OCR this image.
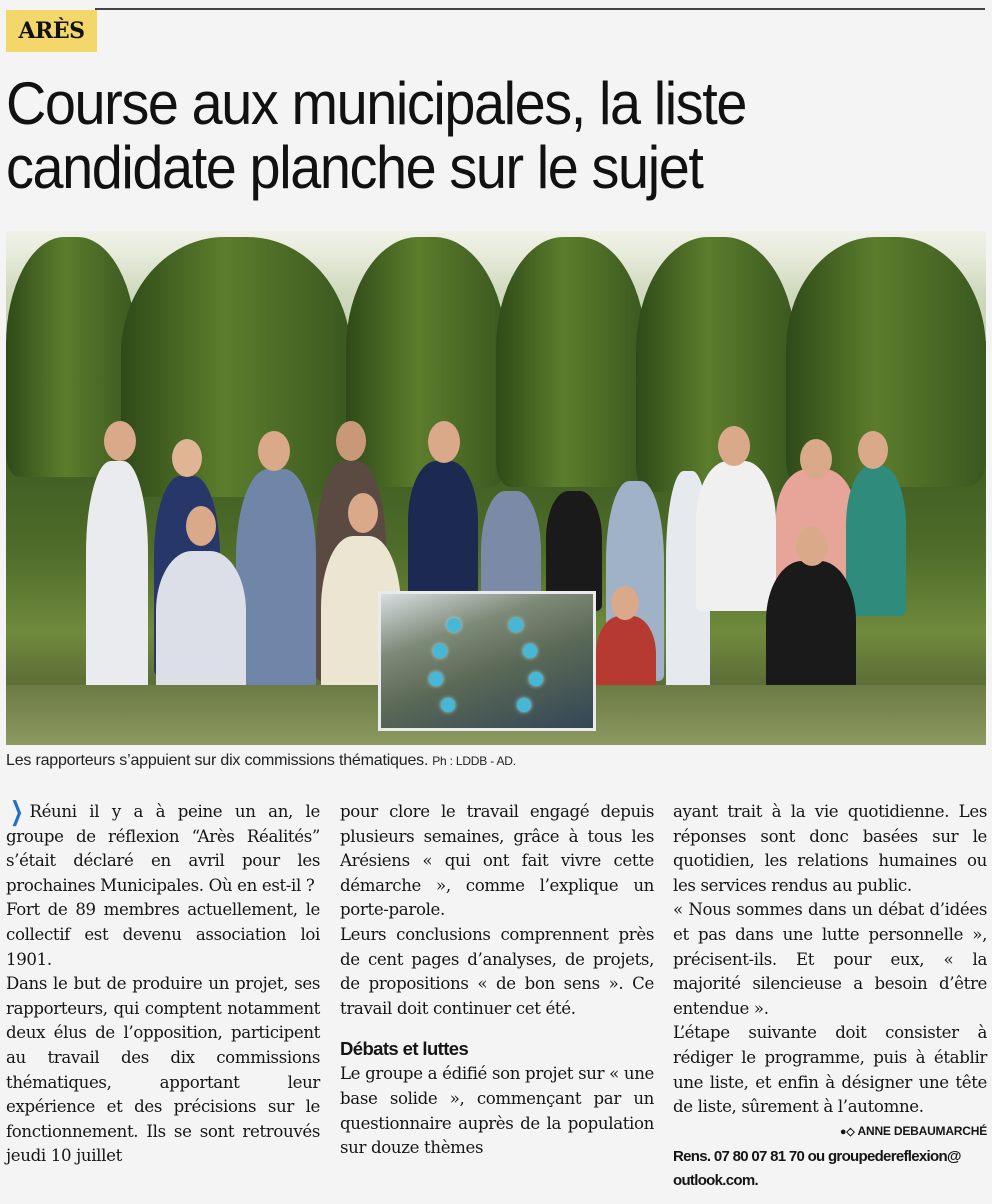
ARÈS
Course aux municipales, la liste candidate planche sur le sujet
Les rapporteurs s’appuient sur dix commissions thématiques. Ph : LDDB - AD.

❯ Réuni il y a à peine un an, le groupe de réflexion “Arès Réalités” s’était déclaré en avril pour les prochaines Municipales. Où en est-il ?

Fort de 89 membres actuellement, le collectif est devenu association loi 1901.

Dans le but de produire un projet, ses rapporteurs, qui comptent notamment deux élus de l’opposition, participent au travail des dix commissions thématiques, apportant leur expérience et des précisions sur le fonctionnement. Ils se sont retrouvés jeudi 10 juillet

pour clore le travail engagé depuis plusieurs semaines, grâce à tous les Arésiens « qui ont fait vivre cette démarche », comme l’explique un porte-parole.

Leurs conclusions comprennent près de cent pages d’analyses, de projets, de propositions « de bon sens ». Ce travail doit continuer cet été.

Débats et luttes

Le groupe a édifié son projet sur « une base solide », commençant par un questionnaire auprès de la population sur douze thèmes

ayant trait à la vie quotidienne. Les réponses sont donc basées sur le quotidien, les relations humaines ou les services rendus au public.

« Nous sommes dans un débat d’idées et pas dans une lutte personnelle », précisent-ils. Et pour eux, « la majorité silencieuse a besoin d’être entendue ».

L’étape suivante doit consister à rédiger le programme, puis à établir une liste, et enfin à désigner une tête de liste, sûrement à l’automne.

●◇ ANNE DEBAUMARCHÉ
Rens. 07 80 07 81 70 ou groupedereflexion@ outlook.com.
